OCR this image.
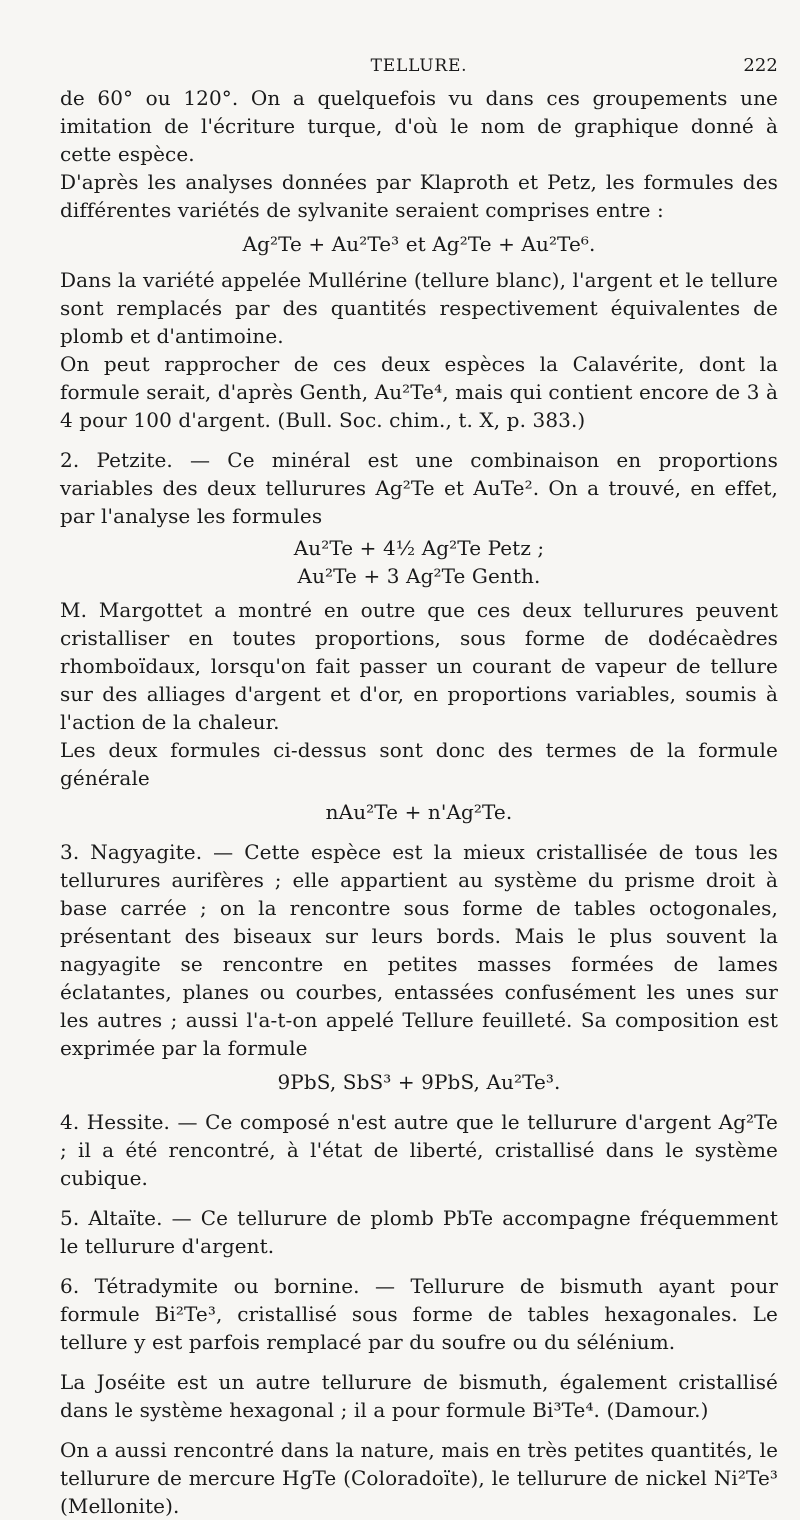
TELLURE.	222

de 60° ou 120°. On a quelquefois vu dans ces groupements une imitation de l'écriture turque, d'où le nom de graphique donné à cette espèce.

D'après les analyses données par Klaproth et Petz, les formules des différentes variétés de sylvanite seraient comprises entre :

Ag²Te + Au²Te³ et Ag²Te + Au²Te⁶.

Dans la variété appelée Mullérine (tellure blanc), l'argent et le tellure sont remplacés par des quantités respectivement équivalentes de plomb et d'antimoine.

On peut rapprocher de ces deux espèces la Calavérite, dont la formule serait, d'après Genth, Au²Te⁴, mais qui contient encore de 3 à 4 pour 100 d'argent. (Bull. Soc. chim., t. X, p. 383.)

2. Petzite. — Ce minéral est une combinaison en proportions variables des deux tellurures Ag²Te et AuTe². On a trouvé, en effet, par l'analyse les formules

Au²Te + 4½ Ag²Te Petz ;
Au²Te + 3 Ag²Te Genth.

M. Margottet a montré en outre que ces deux tellurures peuvent cristalliser en toutes proportions, sous forme de dodécaèdres rhomboïdaux, lorsqu'on fait passer un courant de vapeur de tellure sur des alliages d'argent et d'or, en proportions variables, soumis à l'action de la chaleur.

Les deux formules ci-dessus sont donc des termes de la formule générale

nAu²Te + n'Ag²Te.

3. Nagyagite. — Cette espèce est la mieux cristallisée de tous les tellurures aurifères ; elle appartient au système du prisme droit à base carrée ; on la rencontre sous forme de tables octogonales, présentant des biseaux sur leurs bords. Mais le plus souvent la nagyagite se rencontre en petites masses formées de lames éclatantes, planes ou courbes, entassées confusément les unes sur les autres ; aussi l'a-t-on appelé Tellure feuilleté. Sa composition est exprimée par la formule

9PbS, SbS³ + 9PbS, Au²Te³.

4. Hessite. — Ce composé n'est autre que le tellurure d'argent Ag²Te ; il a été rencontré, à l'état de liberté, cristallisé dans le système cubique.

5. Altaïte. — Ce tellurure de plomb PbTe accompagne fréquemment le tellurure d'argent.

6. Tétradymite ou bornine. — Tellurure de bismuth ayant pour formule Bi²Te³, cristallisé sous forme de tables hexagonales. Le tellure y est parfois remplacé par du soufre ou du sélénium.

La Joséite est un autre tellurure de bismuth, également cristallisé dans le système hexagonal ; il a pour formule Bi³Te⁴. (Damour.)

On a aussi rencontré dans la nature, mais en très petites quantités, le tellurure de mercure HgTe (Coloradoïte), le tellurure de nickel Ni²Te³ (Mellonite).
